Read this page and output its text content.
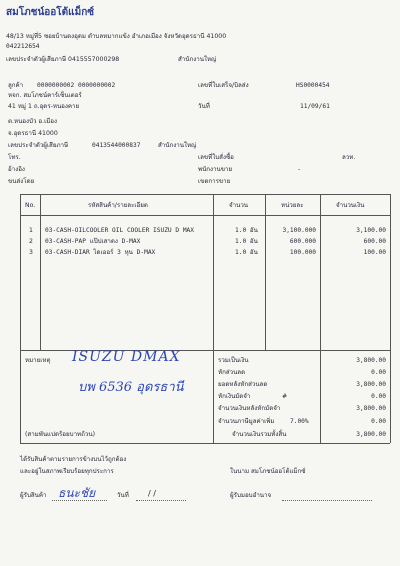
สมโภชน์ออโต้แม็กซ์
48/13 หมู่ที่5 ซอยบ้านดงอุดม ตำบลหมากแข้ง อำเภอเมือง จังหวัดอุดรธานี 41000
042212654
เลขประจำตัวผู้เสียภาษี 0415557000298	สำนักงานใหญ่
ลูกค้า 0000000002 0000000002
หจก. สมโภชน์คาร์เซ็นเตอร์
41 หมู่ 1 ถ.อุดร-หนองคาย
ต.หนองบัว อ.เมือง
จ.อุดรธานี 41000
เลขประจำตัวผู้เสียภาษี	0413544000837	สำนักงานใหญ่
โทร.
อ้างอิง
ขนส่งโดย
เลขที่ใบเสร็จ/บิลส่ง	HS0000454
วันที่	11/09/61
เลขที่ใบสั่งซื้อ	ลวท.
พนักงานขาย	-
เขตการขาย
No.	รหัสสินค้า/รายละเอียด	จำนวน	หน่วยละ	จำนวนเงิน
1 03-CASH-OILCOOLER OIL COOLER ISUZU D MAX	1.0 อัน	3,100.000	3,100.00
2 03-CASH-PAP แป๊ปเสาดง D-MAX	1.0 อัน	600.000	600.00
3 03-CASH-DIAR ไดเออร์ 3 หุน D-MAX	1.0 อัน	100.000	100.00
หมายเหตุ ISUZU DMAX
บพ 6536 อุดรธานี
(สามพันแปดร้อยบาทถ้วน)
รวมเป็นเงิน	3,800.00
หักส่วนลด	0.00
ยอดหลังหักส่วนลด	3,800.00
หักเงินมัดจำ	#	0.00
จำนวนเงินหลังหักมัดจำ	3,800.00
จำนวนภาษีมูลค่าเพิ่ม	7.00%	0.00
จำนวนเงินรวมทั้งสิ้น	3,800.00
ได้รับสินค้าตามรายการข้างบนไว้ถูกต้อง
และอยู่ในสภาพเรียบร้อยทุกประการ	ในนาม สมโภชน์ออโต้แม็กซ์
ผู้รับสินค้า ธนะชัย	วันที่ / /	ผู้รับมอบอำนาจ
